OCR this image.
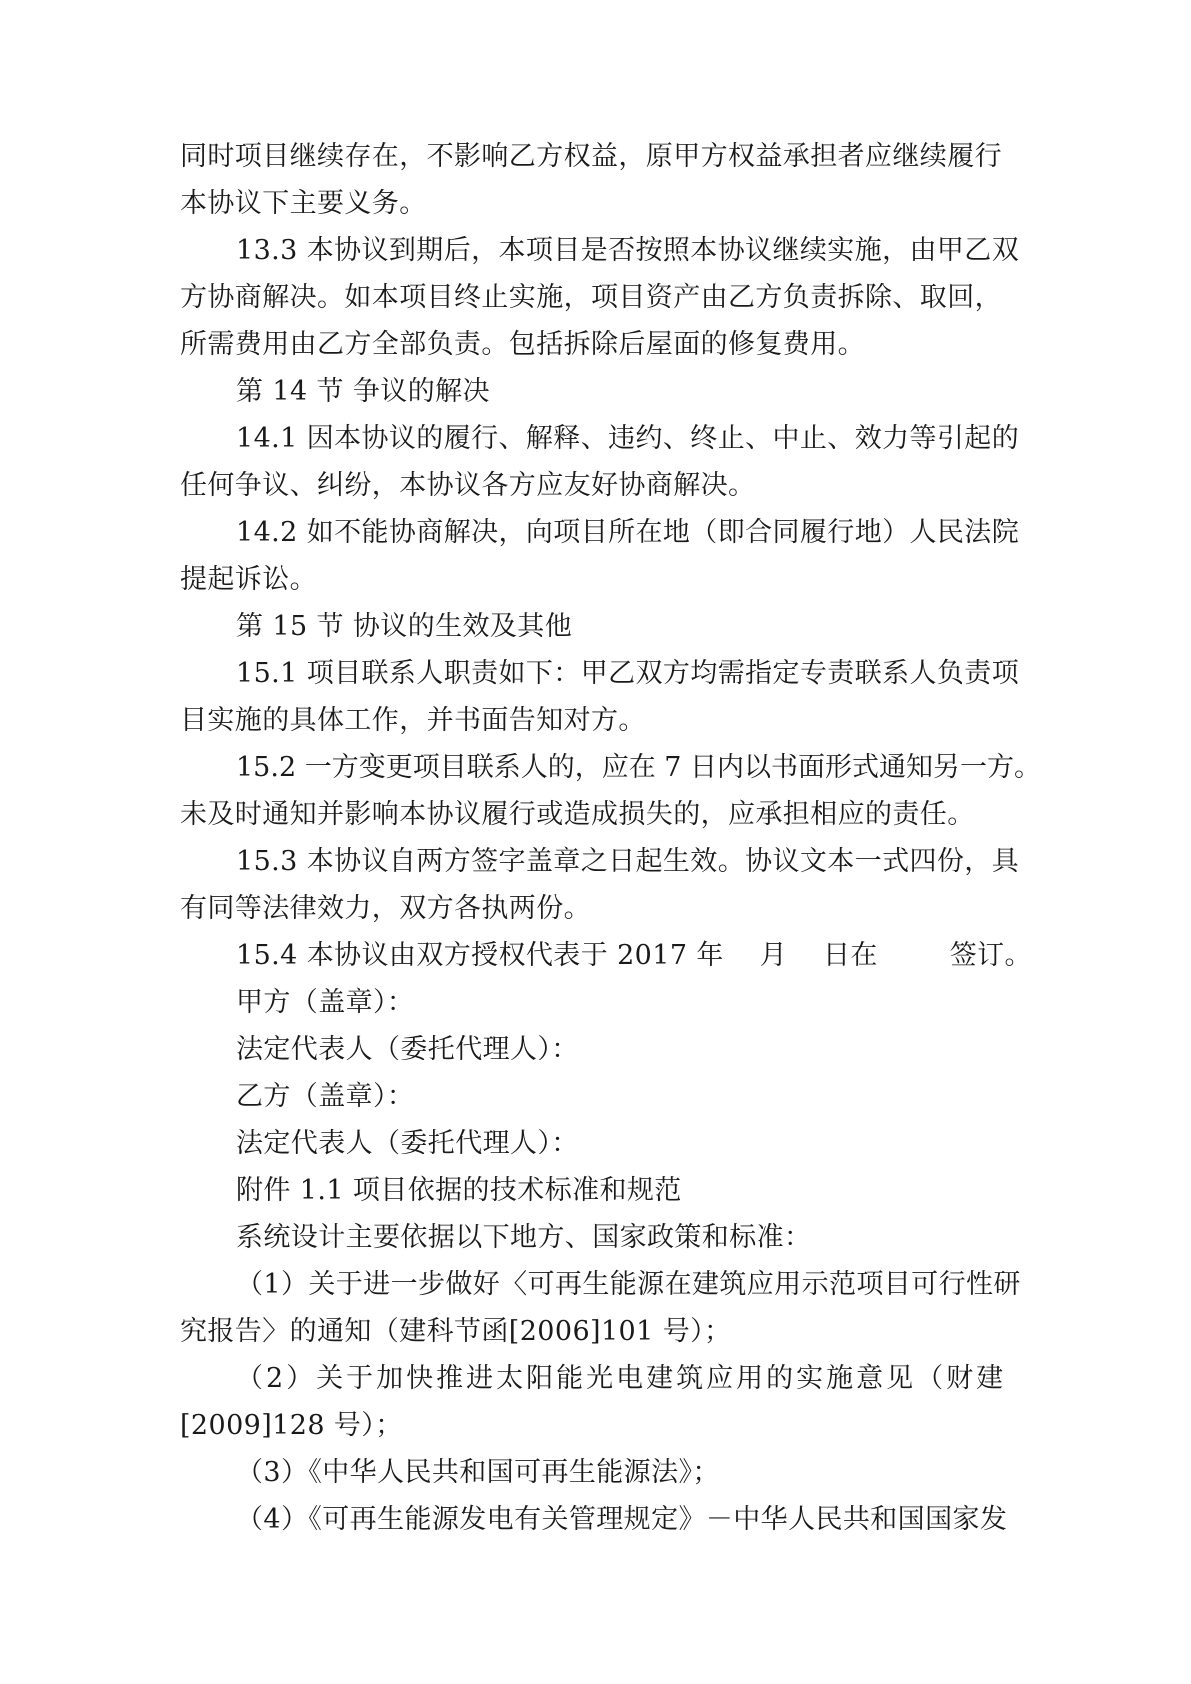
同时项目继续存在，不影响乙方权益，原甲方权益承担者应继续履行
本协议下主要义务。
13.3 本协议到期后，本项目是否按照本协议继续实施，由甲乙双
方协商解决。如本项目终止实施，项目资产由乙方负责拆除、取回，
所需费用由乙方全部负责。包括拆除后屋面的修复费用。
第 14 节 争议的解决
14.1 因本协议的履行、解释、违约、终止、中止、效力等引起的
任何争议、纠纷，本协议各方应友好协商解决。
14.2 如不能协商解决，向项目所在地（即合同履行地）人民法院
提起诉讼。
第 15 节 协议的生效及其他
15.1 项目联系人职责如下：甲乙双方均需指定专责联系人负责项
目实施的具体工作，并书面告知对方。
15.2 一方变更项目联系人的，应在 7 日内以书面形式通知另一方。
未及时通知并影响本协议履行或造成损失的，应承担相应的责任。
15.3 本协议自两方签字盖章之日起生效。协议文本一式四份，具
有同等法律效力，双方各执两份。
15.4 本协议由双方授权代表于 2017 年    月    日在        签订。
甲方（盖章）：
法定代表人（委托代理人）：
乙方（盖章）：
法定代表人（委托代理人）：
附件 1.1 项目依据的技术标准和规范
系统设计主要依据以下地方、国家政策和标准：
（1）关于进一步做好〈可再生能源在建筑应用示范项目可行性研
究报告〉的通知（建科节函[2006]101 号）；
（2）关于加快推进太阳能光电建筑应用的实施意见（财建
[2009]128 号）；
（3）《中华人民共和国可再生能源法》；
（4）《可再生能源发电有关管理规定》－中华人民共和国国家发
